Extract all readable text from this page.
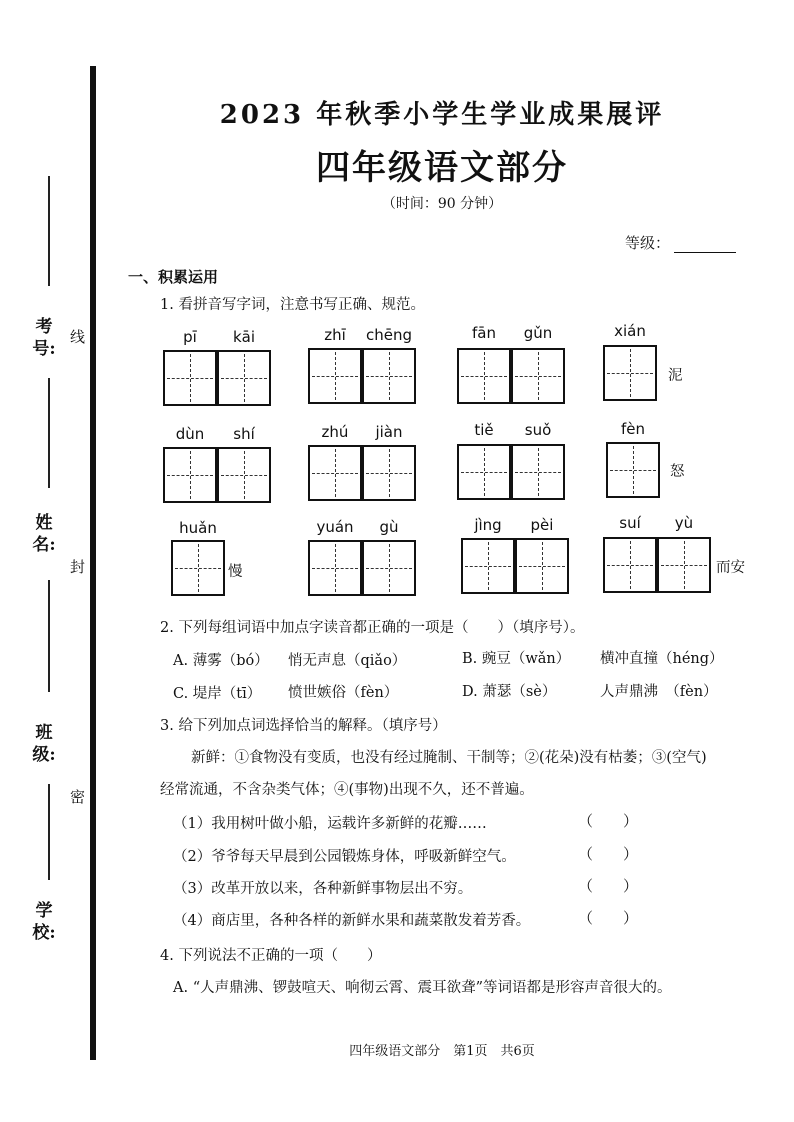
考号:
线
姓名:
封
班级:
密
学校:
2023 年秋季小学生学业成果展评
四年级语文部分
（时间：90 分钟）
等级：
一、积累运用
1. 看拼音写字词，注意书写正确、规范。
pī	kāi	zhī	chēng	fān	gǔn	xián
泥
dùn	shí	zhú	jiàn	tiě	suǒ	fèn
怒
huǎn
慢
yuán	gù	jìng	pèi	suí	yù
而安
2. 下列每组词语中加点字读音都正确的一项是（　　）（填序号）。
A. 薄雾（bó） 悄无声息（qiǎo）	B. 豌豆（wǎn） 横冲直撞（héng）
C. 堤岸（tī） 愤世嫉俗（fèn）	D. 萧瑟（sè）	人声鼎沸　（fèn）
3. 给下列加点词选择恰当的解释。（填序号）
新鲜：①食物没有变质，也没有经过腌制、干制等；②(花朵)没有枯萎；③(空气)
经常流通，不含杂类气体；④(事物)出现不久，还不普遍。
（1）我用树叶做小船，运载许多新鲜的花瓣……	（　　）
（2）爷爷每天早晨到公园锻炼身体，呼吸新鲜空气。	（　　）
（3）改革开放以来，各种新鲜事物层出不穷。	（　　）
（4）商店里，各种各样的新鲜水果和蔬菜散发着芳香。	（　　）
4. 下列说法不正确的一项（　　）
A. “人声鼎沸、锣鼓喧天、响彻云霄、震耳欲聋”等词语都是形容声音很大的。
四年级语文部分　第1页　共6页
